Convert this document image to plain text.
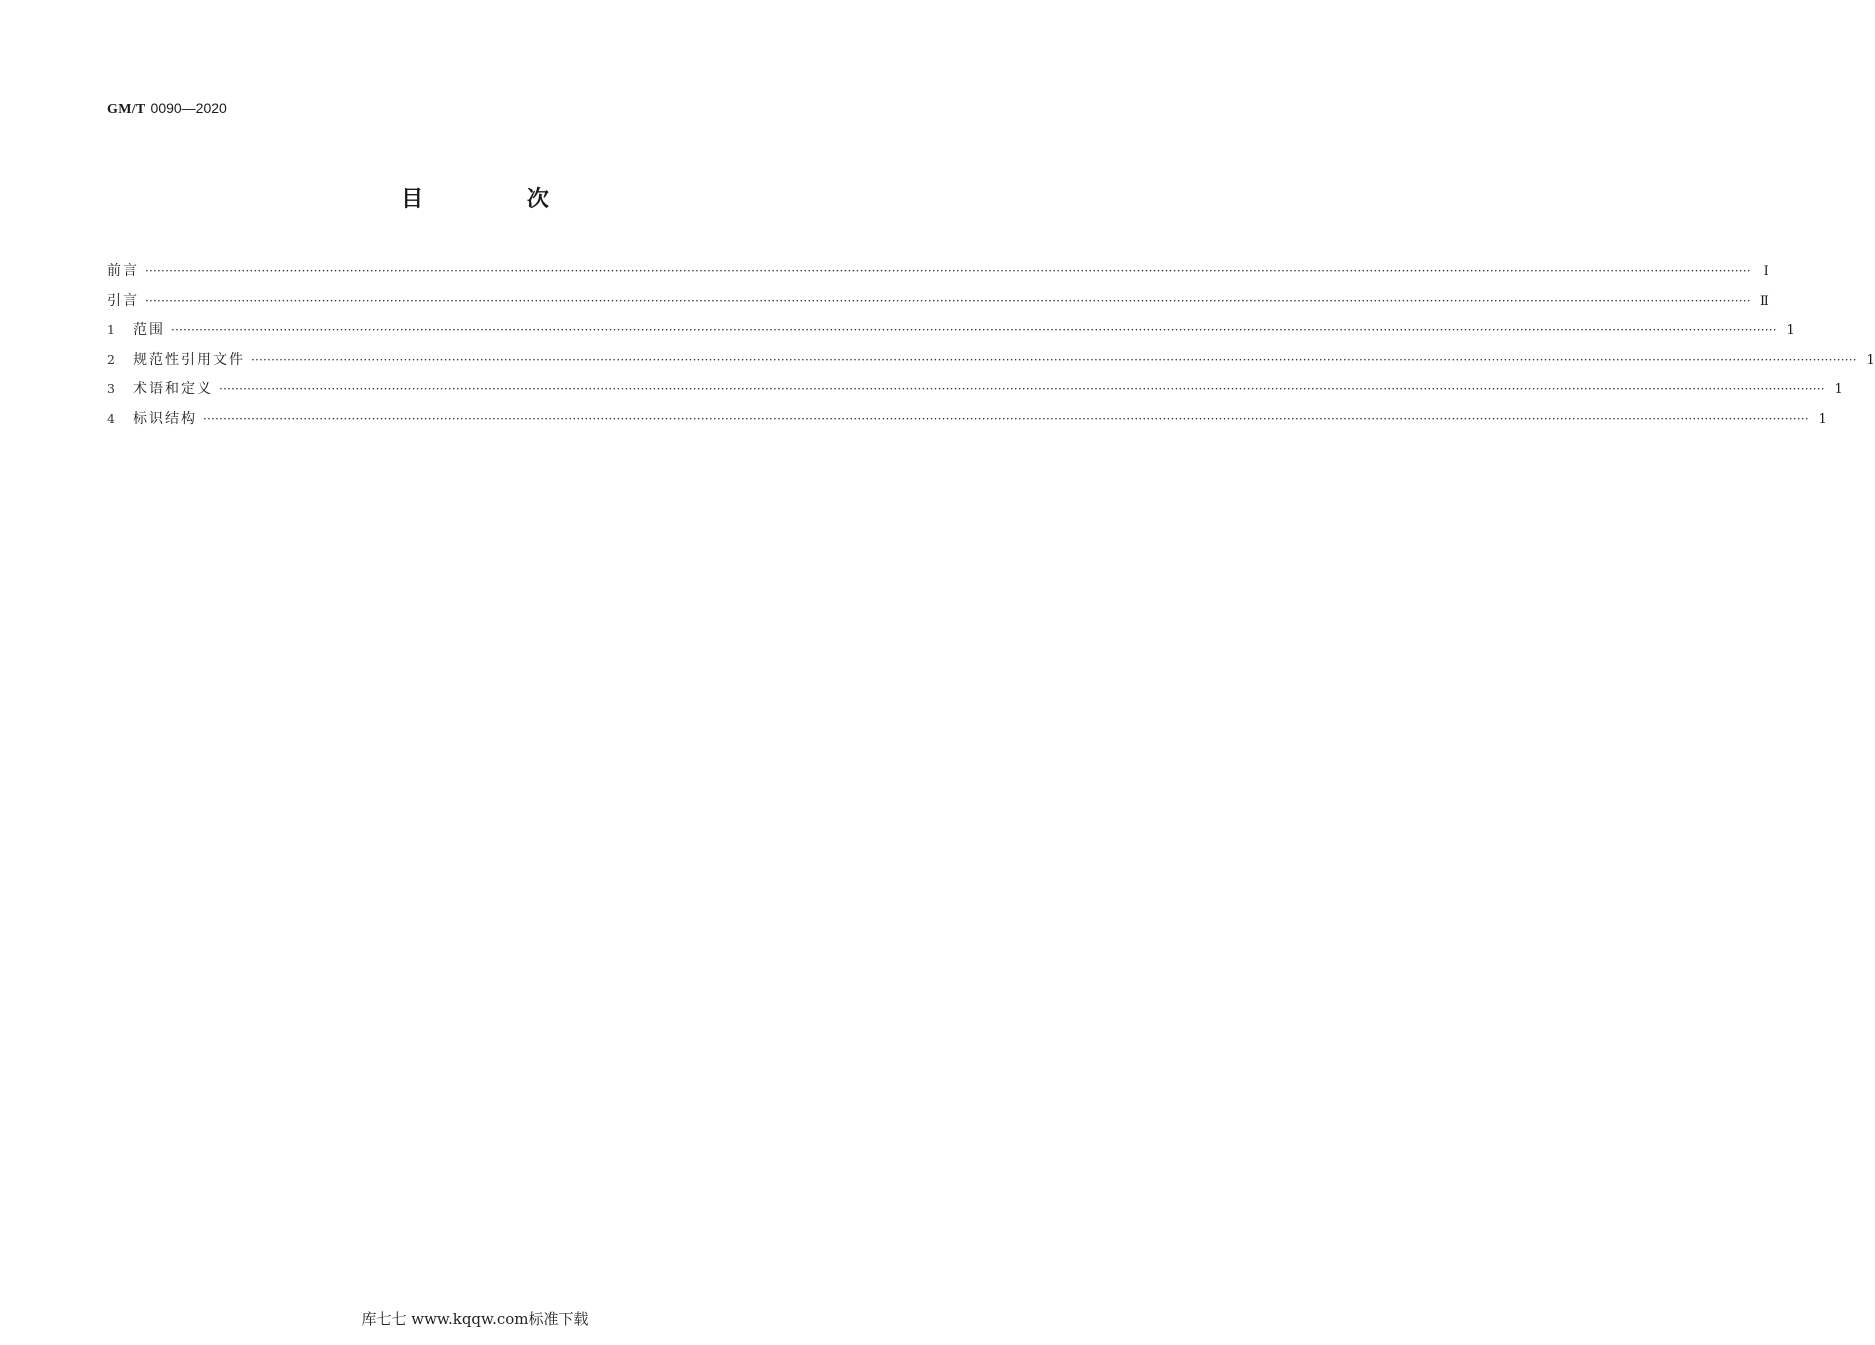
GM/T 0090—2020
目 次
前言 ················································································································································································································································································································································································································ Ⅰ
引言 ················································································································································································································································································································································································································ Ⅱ
1	范围 ················································································································································································································································································································································································································ 1
2	规范性引用文件 ················································································································································································································································································································································································································ 1
3	术语和定义 ················································································································································································································································································································································································································ 1
4	标识结构 ················································································································································································································································································································································································································ 1
库七七 www.kqqw.com标准下载
